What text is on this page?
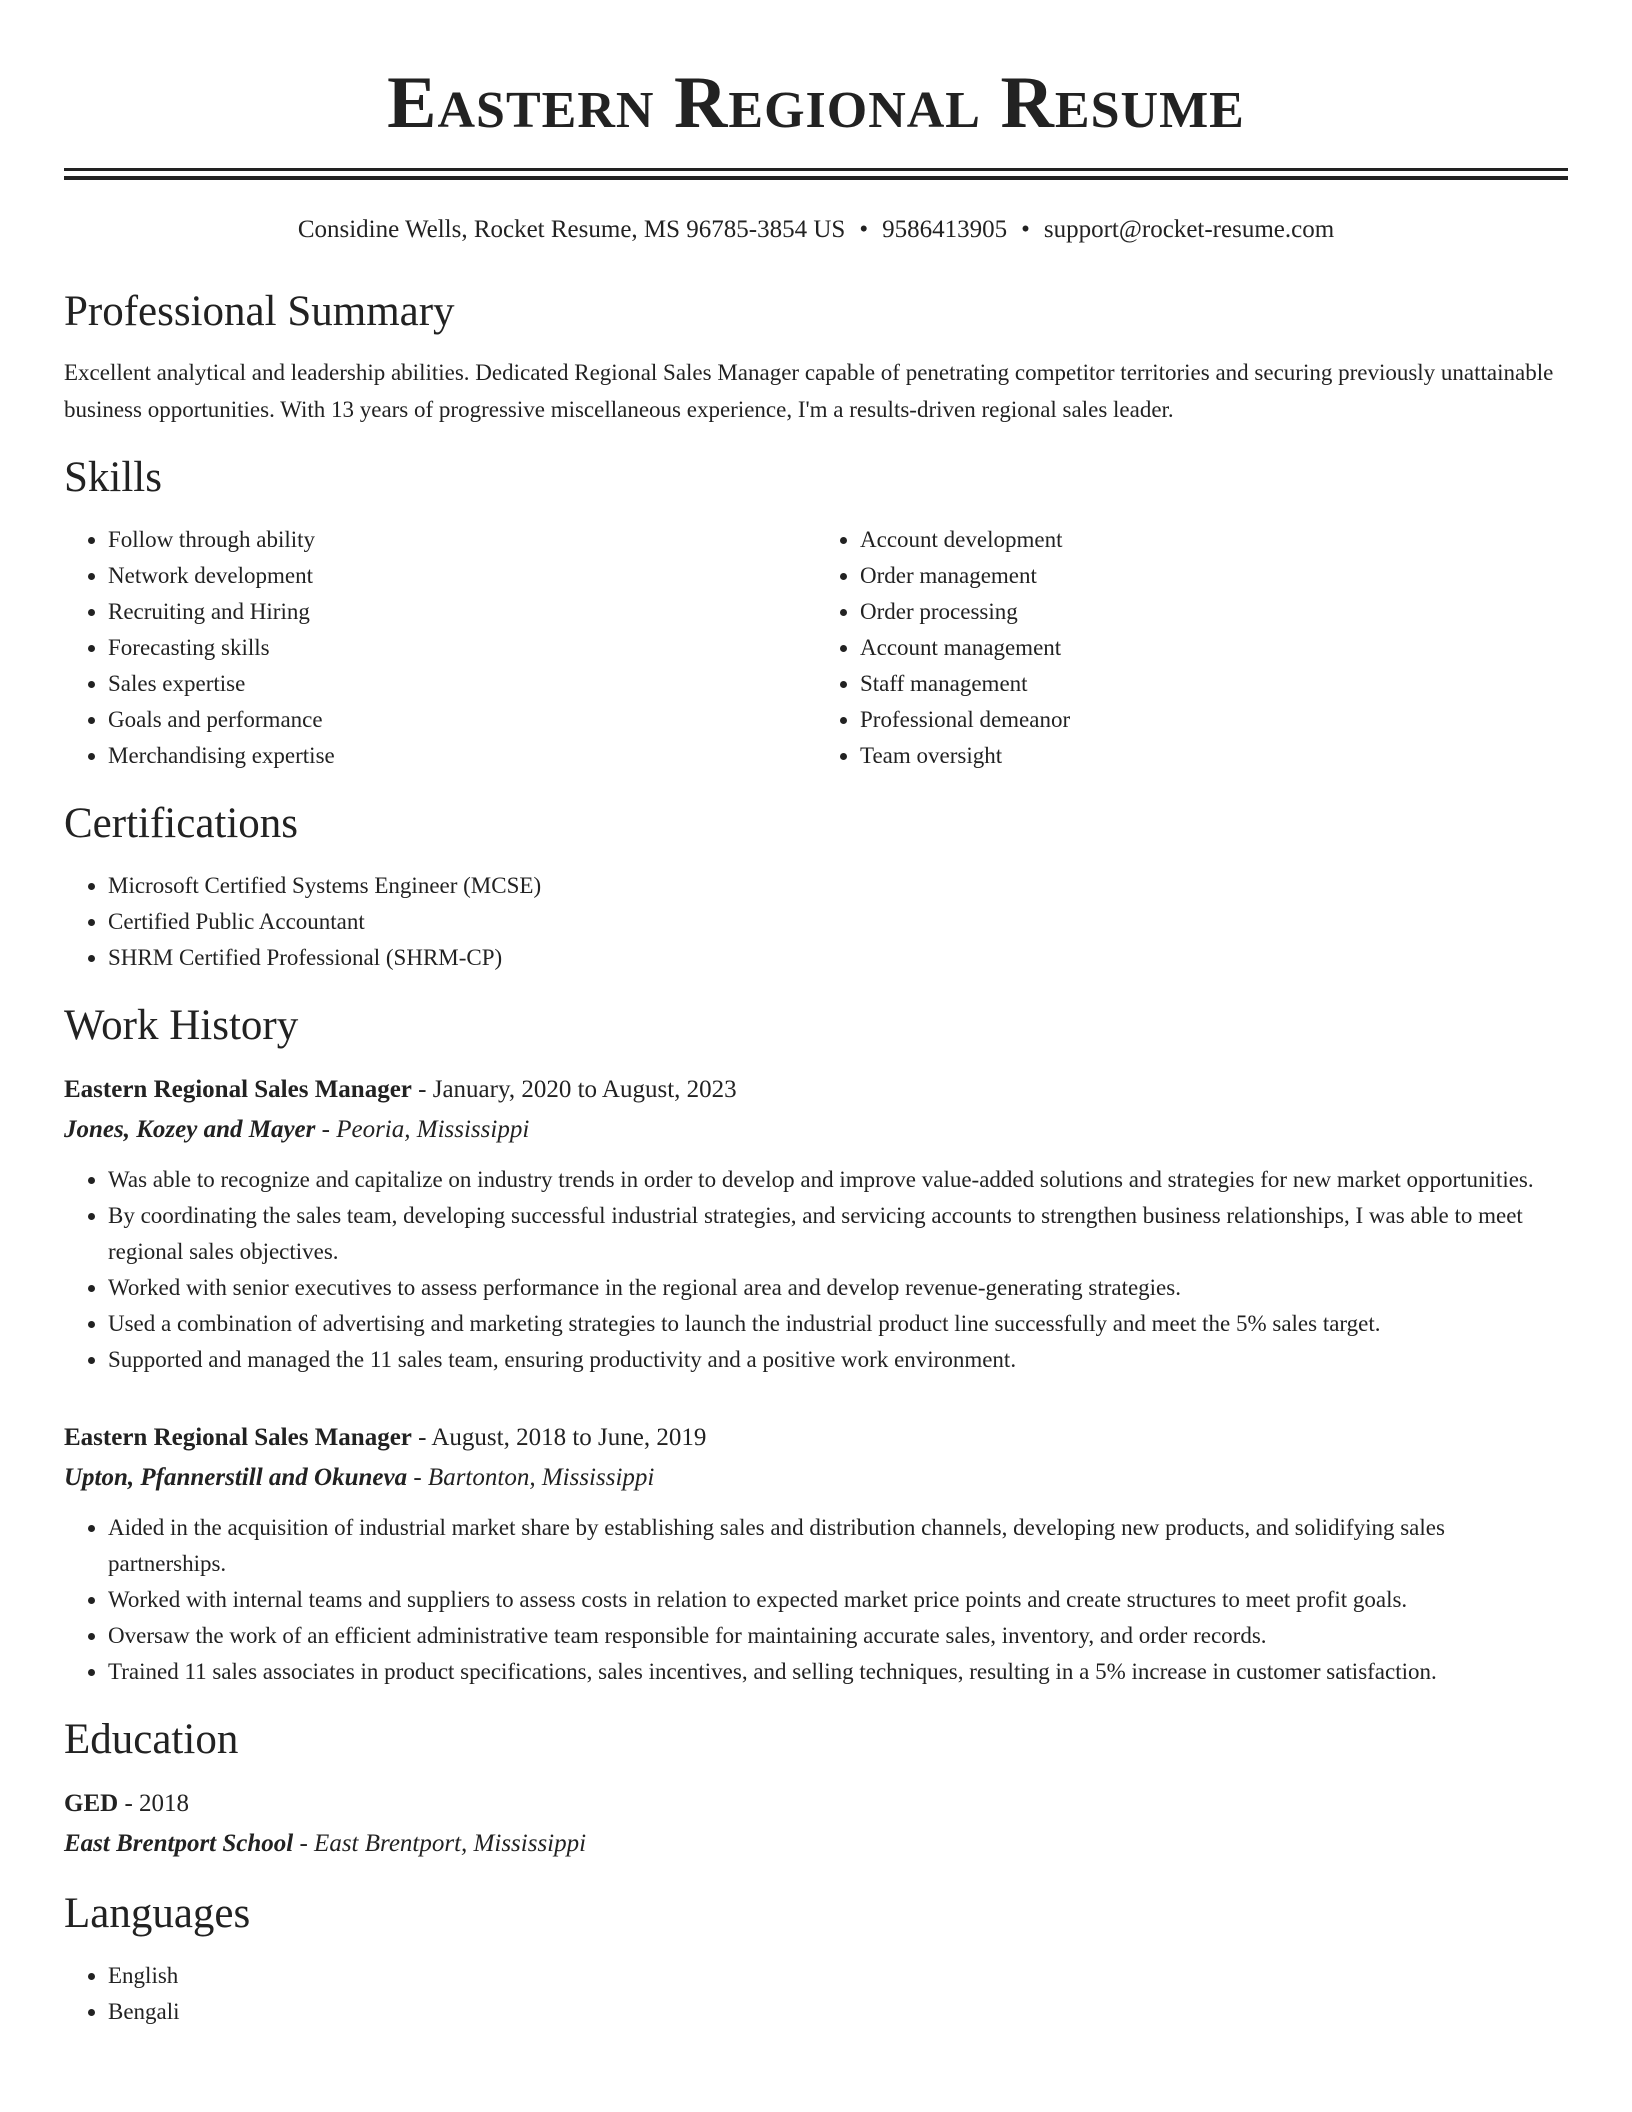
Eastern Regional Resume
Considine Wells, Rocket Resume, MS 96785-3854 US • 9586413905 • support@rocket-resume.com
Professional Summary

Excellent analytical and leadership abilities. Dedicated Regional Sales Manager capable of penetrating competitor territories and securing previously unattainable business opportunities. With 13 years of progressive miscellaneous experience, I'm a results-driven regional sales leader.

Skills
• Follow through ability
• Network development
• Recruiting and Hiring
• Forecasting skills
• Sales expertise
• Goals and performance
• Merchandising expertise
• Account development
• Order management
• Order processing
• Account management
• Staff management
• Professional demeanor
• Team oversight
Certifications
• Microsoft Certified Systems Engineer (MCSE)
• Certified Public Accountant
• SHRM Certified Professional (SHRM-CP)
Work History
Eastern Regional Sales Manager - January, 2020 to August, 2023
Jones, Kozey and Mayer - Peoria, Mississippi
• Was able to recognize and capitalize on industry trends in order to develop and improve value-added solutions and strategies for new market opportunities.
• By coordinating the sales team, developing successful industrial strategies, and servicing accounts to strengthen business relationships, I was able to meet regional sales objectives.
• Worked with senior executives to assess performance in the regional area and develop revenue-generating strategies.
• Used a combination of advertising and marketing strategies to launch the industrial product line successfully and meet the 5% sales target.
• Supported and managed the 11 sales team, ensuring productivity and a positive work environment.
Eastern Regional Sales Manager - August, 2018 to June, 2019
Upton, Pfannerstill and Okuneva - Bartonton, Mississippi
• Aided in the acquisition of industrial market share by establishing sales and distribution channels, developing new products, and solidifying sales partnerships.
• Worked with internal teams and suppliers to assess costs in relation to expected market price points and create structures to meet profit goals.
• Oversaw the work of an efficient administrative team responsible for maintaining accurate sales, inventory, and order records.
• Trained 11 sales associates in product specifications, sales incentives, and selling techniques, resulting in a 5% increase in customer satisfaction.
Education
GED - 2018
East Brentport School - East Brentport, Mississippi
Languages
• English
• Bengali
